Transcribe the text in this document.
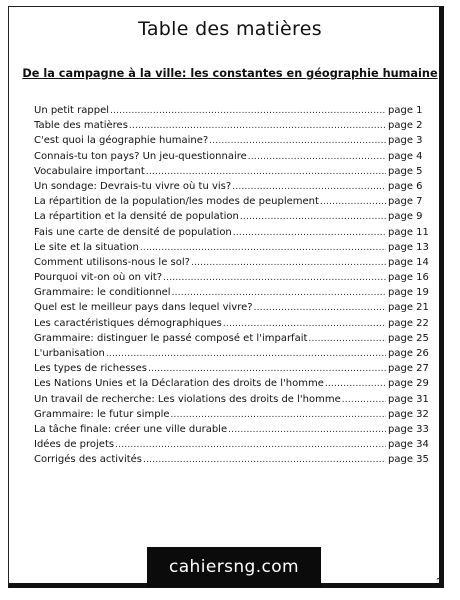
Table des matières
De la campagne à la ville: les constantes en géographie humaine
Un petit rappel .....	page 1
Table des matières .....	page 2
C'est quoi la géographie humaine? .....	page 3
Connais-tu ton pays? Un jeu-questionnaire .....	page 4
Vocabulaire important .....	page 5
Un sondage: Devrais-tu vivre où tu vis? .....	page 6
La répartition de la population/les modes de peuplement .....	page 7
La répartition et la densité de population .....	page 9
Fais une carte de densité de population .....	page 11
Le site et la situation .....	page 13
Comment utilisons-nous le sol? .....	page 14
Pourquoi vit-on où on vit? .....	page 16
Grammaire: le conditionnel .....	page 19
Quel est le meilleur pays dans lequel vivre? .....	page 21
Les caractéristiques démographiques .....	page 22
Grammaire: distinguer le passé composé et l'imparfait .....	page 25
L'urbanisation .....	page 26
Les types de richesses .....	page 27
Les Nations Unies et la Déclaration des droits de l'homme .....	page 29
Un travail de recherche: Les violations des droits de l'homme .....	page 31
Grammaire: le futur simple .....	page 32
La tâche finale: créer une ville durable .....	page 33
Idées de projets .....	page 34
Corrigés des activités .....	page 35
cahiersng.com
2
